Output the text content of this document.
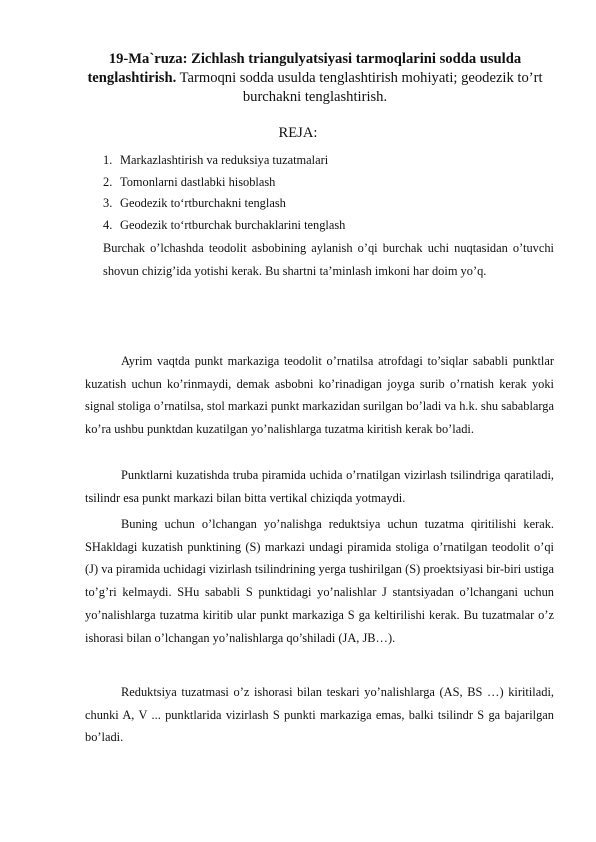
19-Ma`ruza: Zichlash triangulyatsiyasi tarmoqlarini sodda usulda tenglashtirish. Tarmoqni sodda usulda tenglashtirish mohiyati; geodezik to’rt burchakni tenglashtirish.
REJA:
1. Markazlashtirish va reduksiya tuzatmalari
2. Tomonlarni dastlabki hisoblash
3. Geodezik to‘rtburchakni tenglash
4. Geodezik to‘rtburchak burchaklarini tenglash

Burchak o’lchashda teodolit asbobining aylanish o’qi burchak uchi nuqtasidan o’tuvchi shovun chizig’ida yotishi kerak. Bu shartni ta’minlash imkoni har doim yo’q.

Ayrim vaqtda punkt markaziga teodolit o’rnatilsa atrofdagi to’siqlar sababli punktlar kuzatish uchun ko’rinmaydi, demak asbobni ko’rinadigan joyga surib o’rnatish kerak yoki signal stoliga o’rnatilsa, stol markazi punkt markazidan surilgan bo’ladi va h.k. shu sabablarga ko’ra ushbu punktdan kuzatilgan yo’nalishlarga tuzatma kiritish kerak bo’ladi.

Punktlarni kuzatishda truba piramida uchida o’rnatilgan vizirlash tsilindriga qaratiladi, tsilindr esa punkt markazi bilan bitta vertikal chiziqda yotmaydi.

Buning uchun o’lchangan yo’nalishga reduktsiya uchun tuzatma qiritilishi kerak. SHakldagi kuzatish punktining (S) markazi undagi piramida stoliga o’rnatilgan teodolit o’qi (J) va piramida uchidagi vizirlash tsilindrining yerga tushirilgan (S) proektsiyasi bir-biri ustiga to’g’ri kelmaydi. SHu sababli S punktidagi yo’nalishlar J stantsiyadan o’lchangani uchun yo’nalishlarga tuzatma kiritib ular punkt markaziga S ga keltirilishi kerak. Bu tuzatmalar o’z ishorasi bilan o’lchangan yo’nalishlarga qo’shiladi (JA, JB…).

Reduktsiya tuzatmasi o’z ishorasi bilan teskari yo’nalishlarga (AS, BS …) kiritiladi, chunki A, V ... punktlarida vizirlash S punkti markaziga emas, balki tsilindr S ga bajarilgan bo’ladi.
